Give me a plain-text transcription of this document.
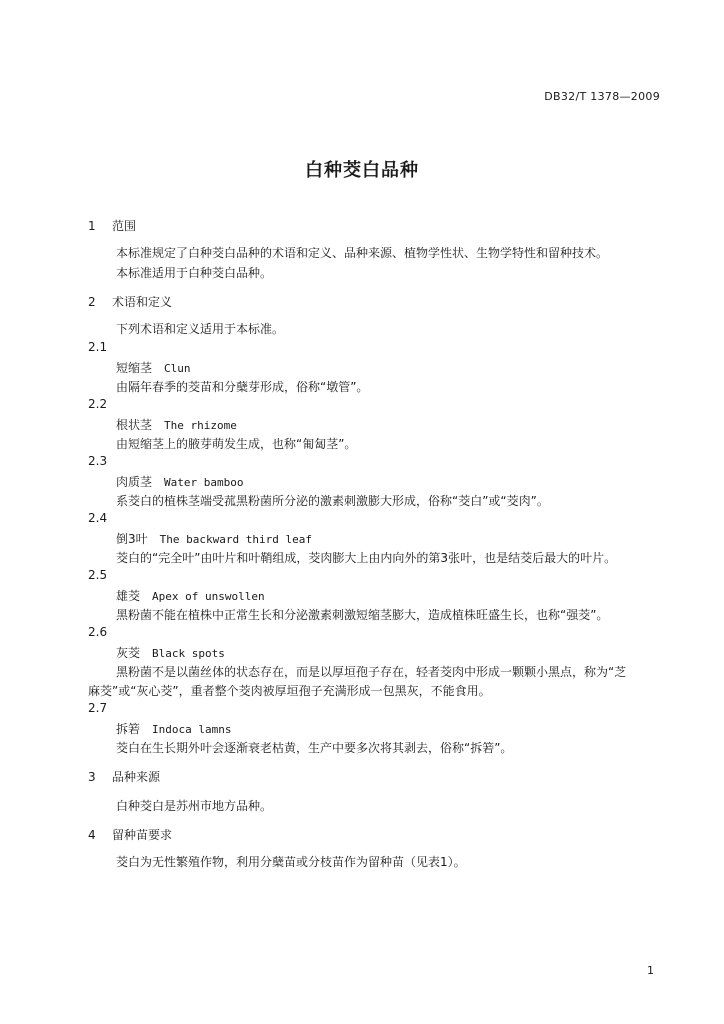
DB32/T 1378—2009
白种茭白品种
1 范围
本标准规定了白种茭白品种的术语和定义、品种来源、植物学性状、生物学特性和留种技术。
本标准适用于白种茭白品种。
2 术语和定义
下列术语和定义适用于本标准。
2.1
短缩茎 Clun
由隔年春季的茭苗和分蘖芽形成，俗称“墩管”。
2.2
根状茎 The rhizome
由短缩茎上的腋芽萌发生成，也称“匍匐茎”。
2.3
肉质茎 Water bamboo
系茭白的植株茎端受菰黑粉菌所分泌的激素刺激膨大形成，俗称“茭白”或“茭肉”。
2.4
倒3叶 The backward third leaf
茭白的“完全叶”由叶片和叶鞘组成，茭肉膨大上由内向外的第3张叶，也是结茭后最大的叶片。
2.5
雄茭 Apex of unswollen
黑粉菌不能在植株中正常生长和分泌激素刺激短缩茎膨大，造成植株旺盛生长，也称“强茭”。
2.6
灰茭 Black spots
黑粉菌不是以菌丝体的状态存在，而是以厚垣孢子存在，轻者茭肉中形成一颗颗小黑点，称为“芝
麻茭”或“灰心茭”，重者整个茭肉被厚垣孢子充满形成一包黑灰，不能食用。
2.7
拆箬 Indoca lamns
茭白在生长期外叶会逐渐衰老枯黄，生产中要多次将其剥去，俗称“拆箬”。
3 品种来源
白种茭白是苏州市地方品种。
4 留种苗要求
茭白为无性繁殖作物，利用分蘖苗或分枝苗作为留种苗（见表1）。
1
